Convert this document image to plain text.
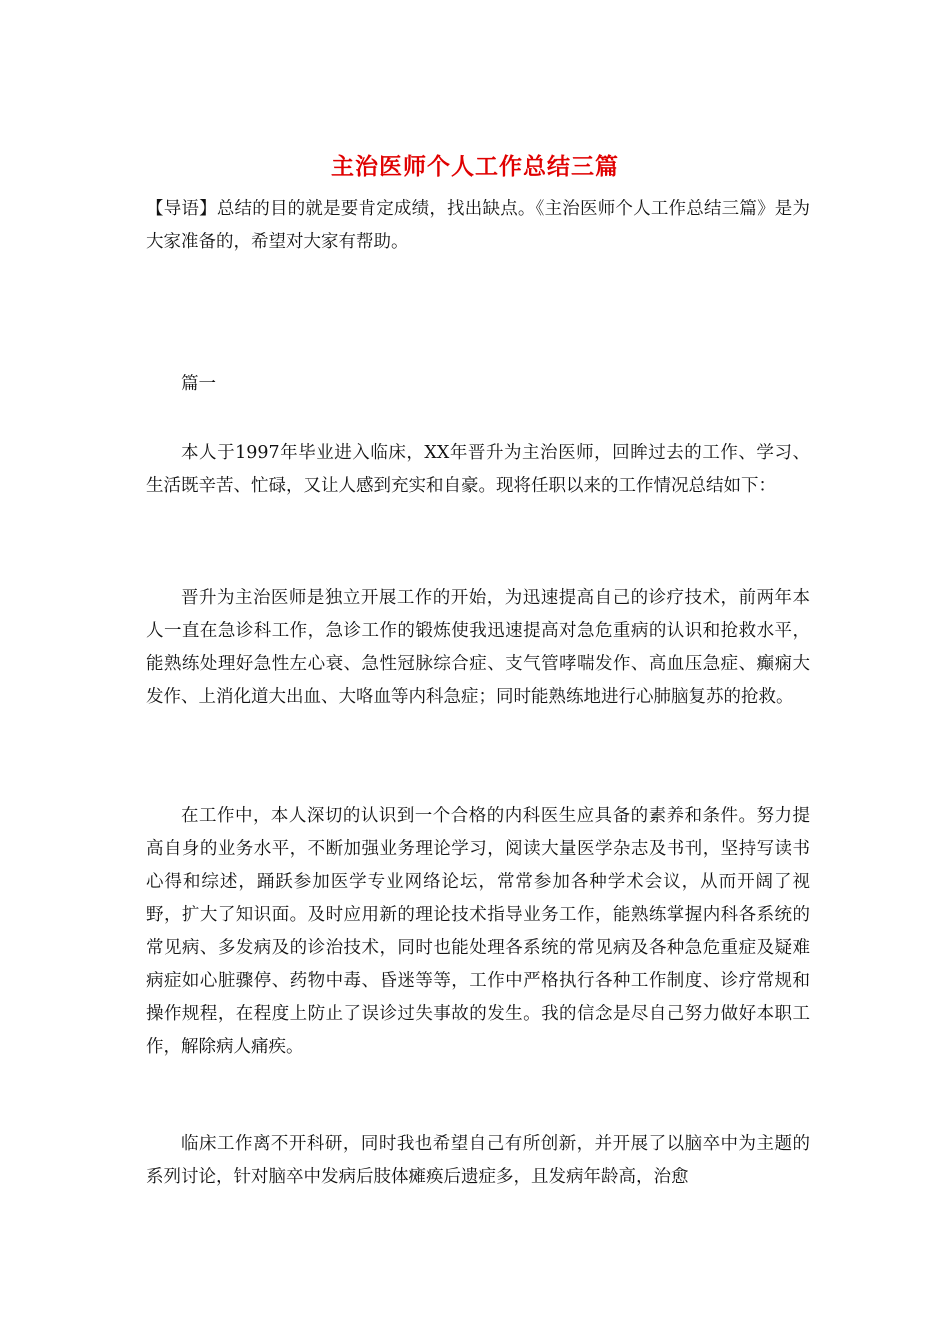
主治医师个人工作总结三篇
【导语】总结的目的就是要肯定成绩，找出缺点。《主治医师个人工作总结三篇》是为大家准备的，希望对大家有帮助。
篇一
本人于1997年毕业进入临床，XX年晋升为主治医师，回眸过去的工作、学习、生活既辛苦、忙碌，又让人感到充实和自豪。现将任职以来的工作情况总结如下：
晋升为主治医师是独立开展工作的开始，为迅速提高自己的诊疗技术，前两年本人一直在急诊科工作，急诊工作的锻炼使我迅速提高对急危重病的认识和抢救水平，能熟练处理好急性左心衰、急性冠脉综合症、支气管哮喘发作、高血压急症、癫痫大发作、上消化道大出血、大咯血等内科急症；同时能熟练地进行心肺脑复苏的抢救。
在工作中，本人深切的认识到一个合格的内科医生应具备的素养和条件。努力提高自身的业务水平，不断加强业务理论学习，阅读大量医学杂志及书刊，坚持写读书心得和综述，踊跃参加医学专业网络论坛，常常参加各种学术会议，从而开阔了视野，扩大了知识面。及时应用新的理论技术指导业务工作，能熟练掌握内科各系统的常见病、多发病及的诊治技术，同时也能处理各系统的常见病及各种急危重症及疑难病症如心脏骤停、药物中毒、昏迷等等，工作中严格执行各种工作制度、诊疗常规和操作规程，在程度上防止了误诊过失事故的发生。我的信念是尽自己努力做好本职工作，解除病人痛疾。
临床工作离不开科研，同时我也希望自己有所创新，并开展了以脑卒中为主题的系列讨论，针对脑卒中发病后肢体瘫痪后遗症多，且发病年龄高，治愈
